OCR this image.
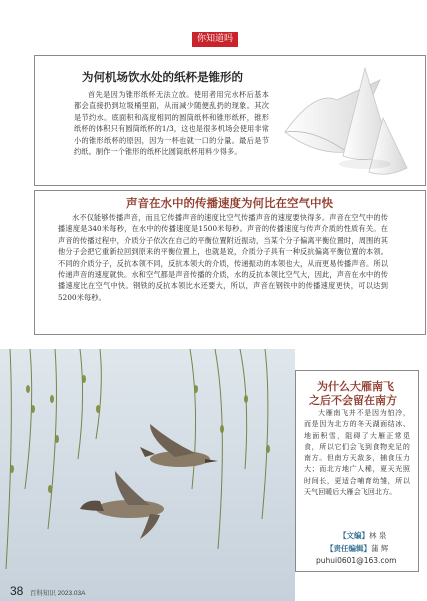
你知道吗
为何机场饮水处的纸杯是锥形的
首先是因为锥形纸杯无法立放。使用者用完水杯后基本都会直接扔到垃圾桶里面，从而减少随便乱扔的现象。其次是节约水。底面积和高度相同的圆筒纸杯和锥形纸杯，锥形纸杯的体积只有圆筒纸杯的1/3，这也是很多机场会使用非常小的锥形纸杯的原因，因为一杯也就一口的分量。最后是节约纸。制作一个锥形的纸杯比圆筒纸杯用料少得多。
声音在水中的传播速度为何比在空气中快
水不仅能够传播声音，而且它传播声音的速度比空气传播声音的速度要快得多。声音在空气中的传播速度是340米每秒，在水中的传播速度是1500米每秒。声音的传播速度与传声介质的性质有关。在声音的传播过程中，介质分子依次在自己的平衡位置附近振动，当某个分子偏离平衡位置时，周围的其他分子会把它重新拉回到原来的平衡位置上，也就是说，介质分子具有一种反抗偏离平衡位置的本领。不同的介质分子，反抗本领不同，反抗本领大的介质，传递振动的本领也大，从而更易传播声音。所以传递声音的速度就快。水和空气都是声音传播的介质，水的反抗本领比空气大，因此，声音在水中的传播速度比在空气中快。钢铁的反抗本领比水还要大，所以，声音在钢铁中的传播速度更快，可以达到5200米每秒。
为什么大雁南飞
之后不会留在南方
大雁南飞并不是因为怕冷，而是因为北方的冬天湖面结冰、地面积雪，阻碍了大雁正常觅食，所以它们会飞到食物充足的南方。但南方天敌多，捕食压力大；而北方地广人稀，夏天光照时间长，更适合哺育幼雏，所以天气回暖后大雁会飞回北方。
【文编】林 泉
【责任编辑】蒲 辉
puhui0601@163.com
38 百科知识 2023.03A
